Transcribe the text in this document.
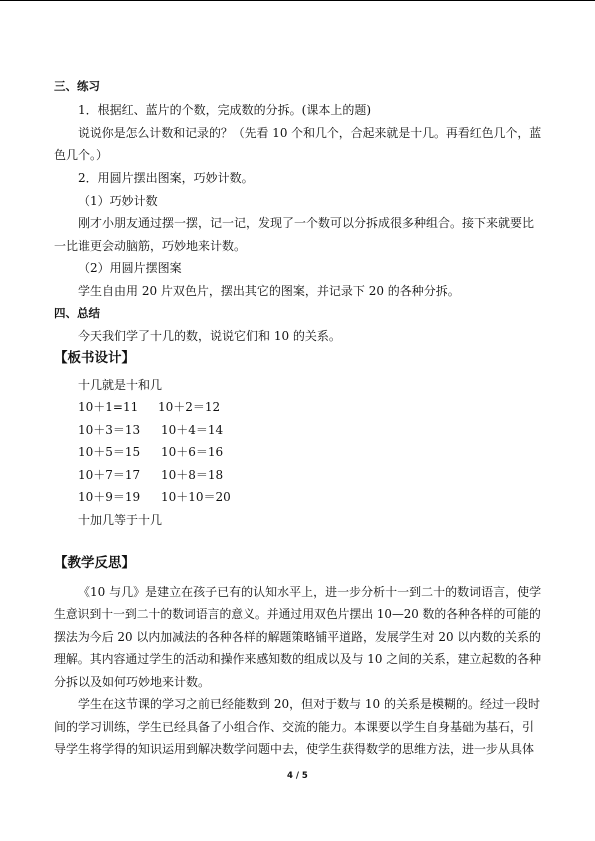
三、练习
1．根据红、蓝片的个数，完成数的分拆。(课本上的题)
说说你是怎么计数和记录的？（先看 10 个和几个，合起来就是十几。再看红色几个，蓝
色几个。）
2．用圆片摆出图案，巧妙计数。
（1）巧妙计数
刚才小朋友通过摆一摆，记一记，发现了一个数可以分拆成很多种组合。接下来就要比
一比谁更会动脑筋，巧妙地来计数。
（2）用圆片摆图案
学生自由用 20 片双色片，摆出其它的图案，并记录下 20 的各种分拆。
四、总结
今天我们学了十几的数，说说它们和 10 的关系。
【板书设计】
十几就是十和几
10＋1=11 10＋2＝12
10＋3＝13 10＋4＝14
10＋5＝15 10＋6＝16
10＋7＝17 10＋8＝18
10＋9＝19 10＋10＝20
十加几等于十几
【教学反思】
《10 与几》是建立在孩子已有的认知水平上，进一步分析十一到二十的数词语言，使学
生意识到十一到二十的数词语言的意义。并通过用双色片摆出 10—20 数的各种各样的可能的
摆法为今后 20 以内加减法的各种各样的解题策略铺平道路，发展学生对 20 以内数的关系的
理解。其内容通过学生的活动和操作来感知数的组成以及与 10 之间的关系，建立起数的各种
分拆以及如何巧妙地来计数。
学生在这节课的学习之前已经能数到 20，但对于数与 10 的关系是模糊的。经过一段时
间的学习训练，学生已经具备了小组合作、交流的能力。本课要以学生自身基础为基石，引
导学生将学得的知识运用到解决数学问题中去，使学生获得数学的思维方法，进一步从具体
4 / 5
